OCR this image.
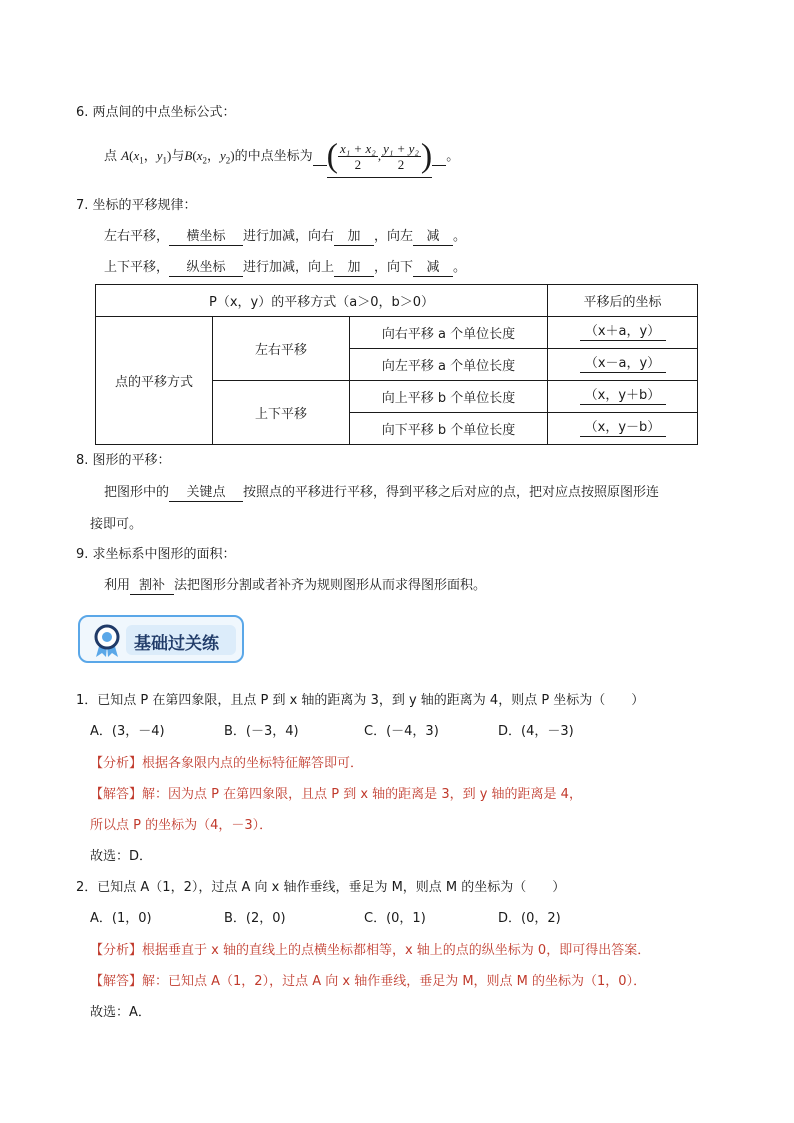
6. 两点间的中点坐标公式：
点 $A(x_1$，$y_1$)与$B(x_2$，$y_2$)的中点坐标为 ( $\frac{\text{x₁ + x₂}}{2}$ , $\frac{\text{y₁ + y₂}}{2}$ ) 。
7. 坐标的平移规律：
左右平移， 横坐标 进行加减，向右 加 ，向左 减 。
上下平移， 纵坐标 进行加减，向上 加 ，向下 减 。
P（x，y）的平移方式（a＞0，b＞0）			平移后的坐标
点的平移方式	左右平移	向右平移 a 个单位长度	（x＋a，y）
		向左平移 a 个单位长度	（x－a，y）
	上下平移	向上平移 b 个单位长度	（x，y＋b）
		向下平移 b 个单位长度	（x，y－b）
8. 图形的平移：
把图形中的 关键点 按照点的平移进行平移，得到平移之后对应的点，把对应点按照原图形连
接即可。
9. 求坐标系中图形的面积：
利用 割补 法把图形分割或者补齐为规则图形从而求得图形面积。
基础过关练
1．已知点 P 在第四象限，且点 P 到 x 轴的距离为 3，到 y 轴的距离为 4，则点 P 坐标为（　　）
A．(3，－4)	B．(－3，4)	C．(－4，3)	D．(4，－3)
【分析】根据各象限内点的坐标特征解答即可．
【解答】解：因为点 P 在第四象限，且点 P 到 x 轴的距离是 3，到 y 轴的距离是 4，
所以点 P 的坐标为（4，－3）．
故选：D．
2．已知点 A（1，2），过点 A 向 x 轴作垂线，垂足为 M，则点 M 的坐标为（　　）
A．(1，0)	B．(2，0)	C．(0，1)	D．(0，2)
【分析】根据垂直于 x 轴的直线上的点横坐标都相等，x 轴上的点的纵坐标为 0，即可得出答案．
【解答】解：已知点 A（1，2），过点 A 向 x 轴作垂线，垂足为 M，则点 M 的坐标为（1，0）．
故选：A．
